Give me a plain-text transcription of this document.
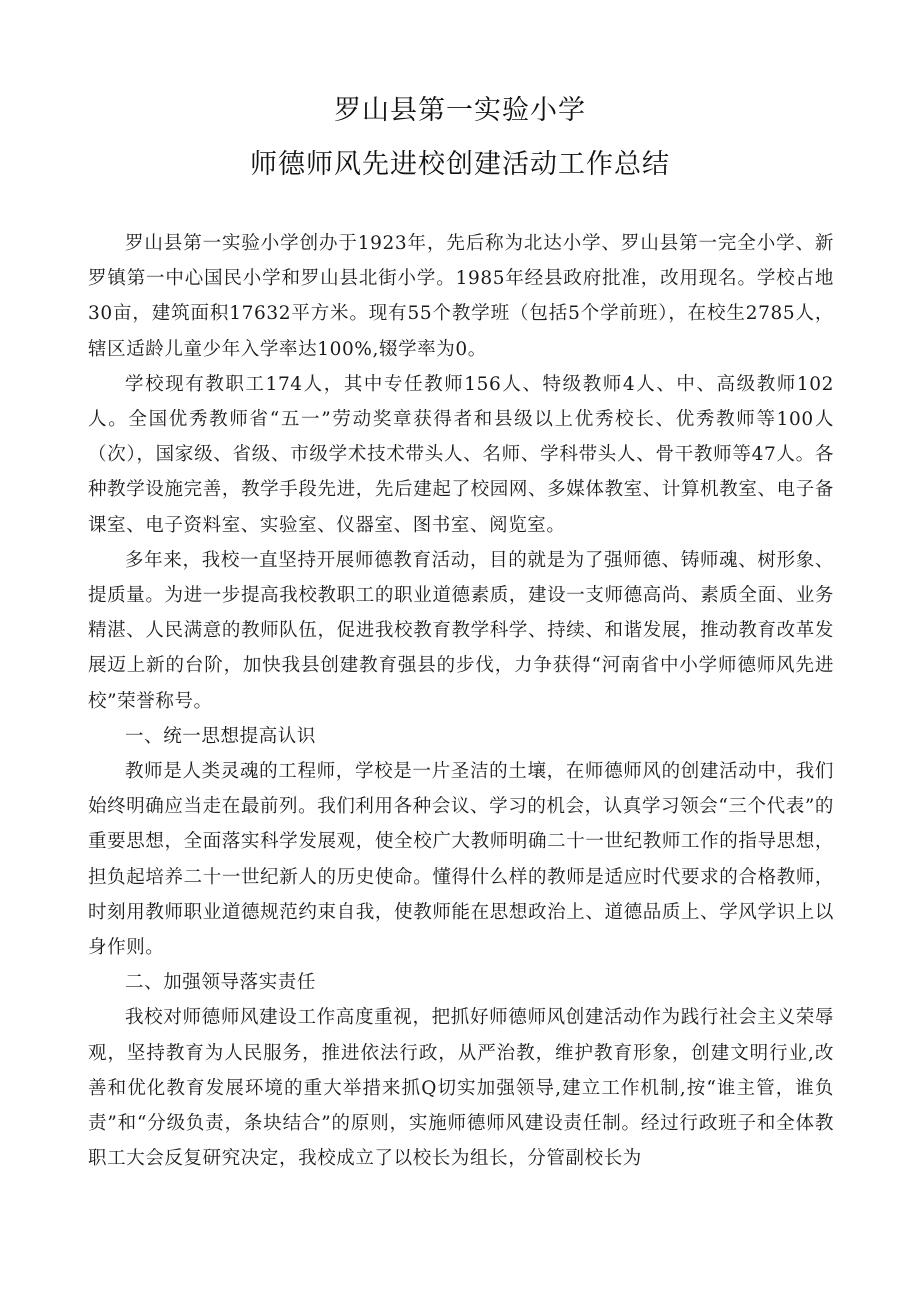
罗山县第一实验小学
师德师风先进校创建活动工作总结

罗山县第一实验小学创办于1923年，先后称为北达小学、罗山县第一完全小学、新罗镇第一中心国民小学和罗山县北街小学。1985年经县政府批准，改用现名。学校占地30亩，建筑面积17632平方米。现有55个教学班（包括5个学前班），在校生2785人，辖区适龄儿童少年入学率达100%,辍学率为0。

学校现有教职工174人，其中专任教师156人、特级教师4人、中、高级教师102人。全国优秀教师省“五一”劳动奖章获得者和县级以上优秀校长、优秀教师等100人（次），国家级、省级、市级学术技术带头人、名师、学科带头人、骨干教师等47人。各种教学设施完善，教学手段先进，先后建起了校园网、多媒体教室、计算机教室、电子备课室、电子资料室、实验室、仪器室、图书室、阅览室。

多年来，我校一直坚持开展师德教育活动，目的就是为了强师德、铸师魂、树形象、提质量。为进一步提高我校教职工的职业道德素质，建设一支师德高尚、素质全面、业务精湛、人民满意的教师队伍，促进我校教育教学科学、持续、和谐发展，推动教育改革发展迈上新的台阶，加快我县创建教育强县的步伐，力争获得“河南省中小学师德师风先进校”荣誉称号。

一、统一思想提高认识

教师是人类灵魂的工程师，学校是一片圣洁的土壤，在师德师风的创建活动中，我们始终明确应当走在最前列。我们利用各种会议、学习的机会，认真学习领会“三个代表”的重要思想，全面落实科学发展观，使全校广大教师明确二十一世纪教师工作的指导思想，担负起培养二十一世纪新人的历史使命。懂得什么样的教师是适应时代要求的合格教师，时刻用教师职业道德规范约束自我，使教师能在思想政治上、道德品质上、学风学识上以身作则。

二、加强领导落实责任

我校对师德师风建设工作高度重视，把抓好师德师风创建活动作为践行社会主义荣辱观，坚持教育为人民服务，推进依法行政，从严治教，维护教育形象，创建文明行业,改善和优化教育发展环境的重大举措来抓Q切实加强领导,建立工作机制,按“谁主管，谁负责”和“分级负责，条块结合”的原则，实施师德师风建设责任制。经过行政班子和全体教职工大会反复研究决定，我校成立了以校长为组长，分管副校长为
